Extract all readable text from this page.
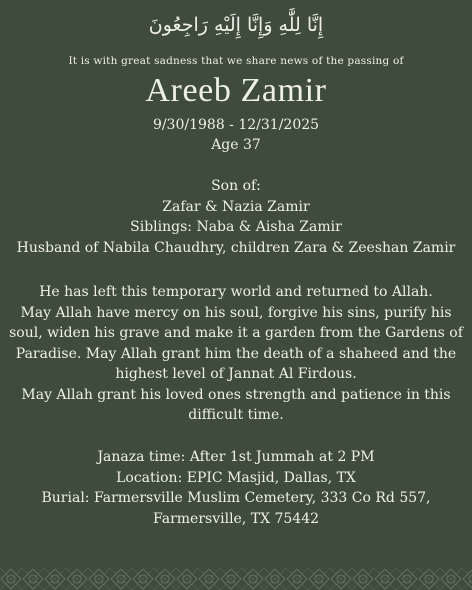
إِنَّا لِلَّٰهِ وَإِنَّا إِلَيْهِ رَاجِعُونَ
It is with great sadness that we share news of the passing of
Areeb Zamir
9/30/1988 - 12/31/2025
Age 37
Son of:
Zafar & Nazia Zamir
Siblings: Naba & Aisha Zamir
Husband of Nabila Chaudhry, children Zara & Zeeshan Zamir
He has left this temporary world and returned to Allah.
May Allah have mercy on his soul, forgive his sins, purify his
soul, widen his grave and make it a garden from the Gardens of
Paradise. May Allah grant him the death of a shaheed and the
highest level of Jannat Al Firdous.
May Allah grant his loved ones strength and patience in this
difficult time.
Janaza time: After 1st Jummah at 2 PM
Location: EPIC Masjid, Dallas, TX
Burial: Farmersville Muslim Cemetery, 333 Co Rd 557,
Farmersville, TX 75442
